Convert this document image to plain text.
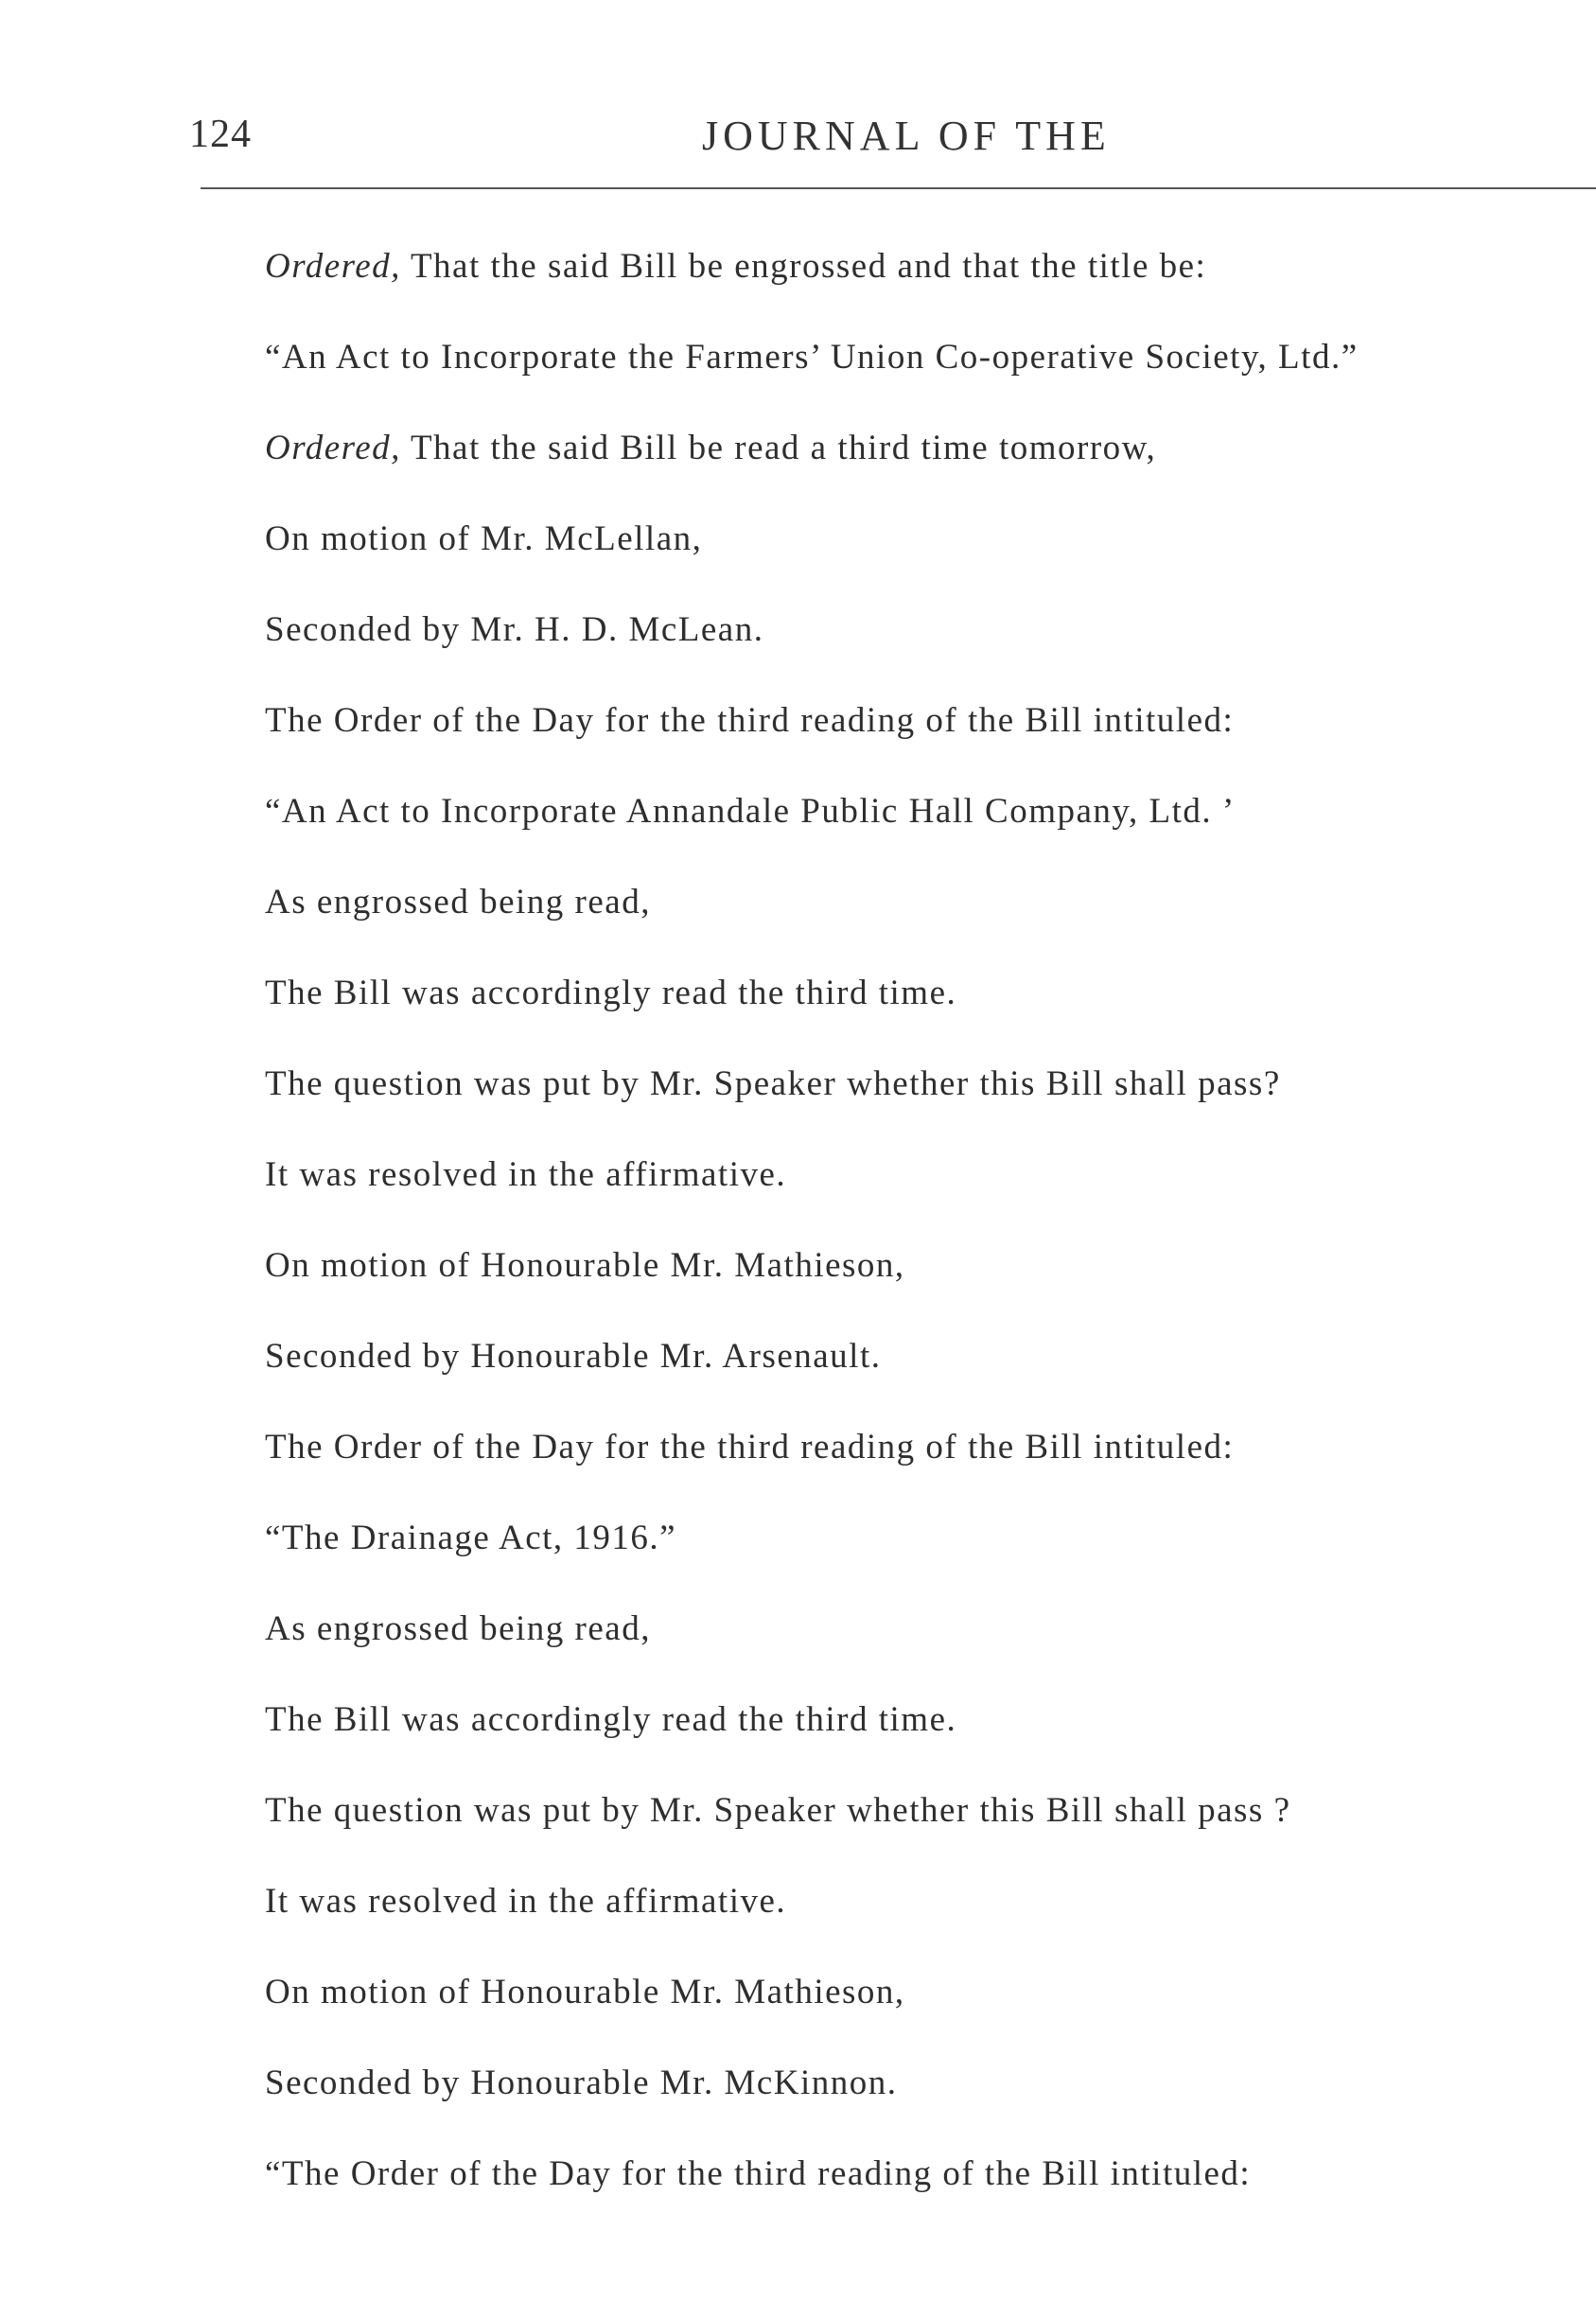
124	JOURNAL OF THE
Ordered, That the said Bill be engrossed and that the title be:
“An Act to Incorporate the Farmers’ Union Co-operative Society, Ltd.”
Ordered, That the said Bill be read a third time tomorrow,
On motion of Mr. McLellan,
Seconded by Mr. H. D. McLean.
The Order of the Day for the third reading of the Bill intituled:
“An Act to Incorporate Annandale Public Hall Company, Ltd. ’
As engrossed being read,
The Bill was accordingly read the third time.
The question was put by Mr. Speaker whether this Bill shall pass?
It was resolved in the affirmative.
On motion of Honourable Mr. Mathieson,
Seconded by Honourable Mr. Arsenault.
The Order of the Day for the third reading of the Bill intituled:
“The Drainage Act, 1916.”
As engrossed being read,
The Bill was accordingly read the third time.
The question was put by Mr. Speaker whether this Bill shall pass ?
It was resolved in the affirmative.
On motion of Honourable Mr. Mathieson,
Seconded by Honourable Mr. McKinnon.
“The Order of the Day for the third reading of the Bill intituled:
